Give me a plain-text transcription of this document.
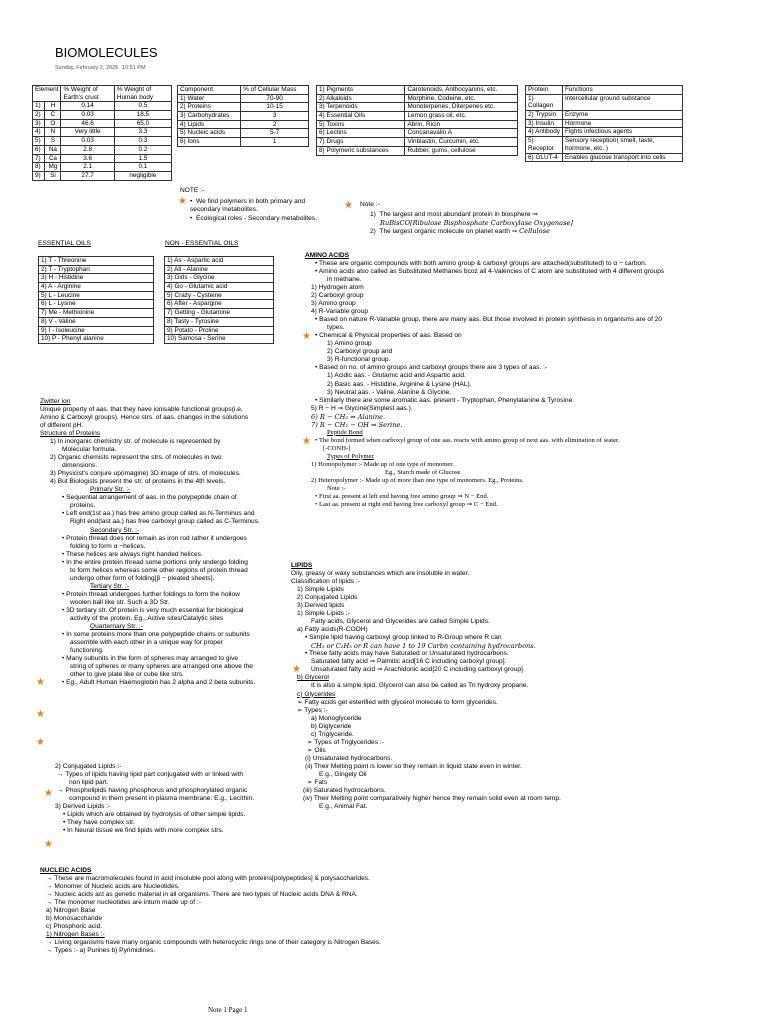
BIOMOLECULES
Sunday, February 2, 2025 10:51 PM
Element		% Weight of Earth's crust	% Weight of Human body
1)	H	0.14	0.5
2)	C	0.03	18.5
3)	O	46.6	65.0
4)	N	Very little	3.3
5)	S	0.03	0.3
6)	Na	2.8	0.2
7)	Ca	3.6	1.5
8)	Mg	2.1	0.1
9)	Si	27.7	negligible
Component	% of Cellular Mass
1) Water	70-90
2) Proteins	10-15
3) Carbohydrates	3
4) Lipids	2
5) Nucleic acids	5-7
6) Ions	1
NOTE :-
★ •  We find polymers in both primary and secondary metabolites.
•  Ecological roles - Secondary metabolites.
1) Pigments	Carotenoids, Anthocyanins, etc.
2) Alkaloids	Morphine, Codeine, etc.
3) Terpenoids	Monoterpenes, Diterpenes etc.
4) Essential Oils	Lemon grass oil, etc.
5) Toxins	Abrin, Ricin
6) Lectins	Concanavalin A
7) Drugs	Vinblastin, Curcumin, etc.
8) Polymeric substances	Rubber, gums, cellulose
★ Note :-
1)  The largest and most abundant protein in biosphere ⇒
RuBisCO[Ribulose Bisphosphate Carboxylase Oxygenase]
2)  The largest organic molecule on planet earth ⇒ Cellulose
Protein	Functions
1) Collagen	Intercellular ground substance
2) Trypsin	Enzyme
3) Insulin	Hormone
4) Antibody	Fights infectious agents
5) Receptor	Sensory reception( smell, taste, hormone, etc. )
6) GLUT-4	Enables glucose transport into cells
ESSENTIAL OILS
1) T - Threonine
2) T - Tryptophan
3) H - Histidine
4) A - Arginine
5) L - Leucine
6) L - Lysine
7) Me - Methionine
8) V - Valine
9) I - Isoleucine
10) P - Phenyl alanine
NON - ESSENTIAL OILS
1) As - Aspartic acid
2) All - Alanine
3) Girls - Glycine
4) Go - Glutamic acid
5) Crazy - Cysteine
6) After - Aspargine
7) Getting - Glutamine
8) Tasty - Tyrosine
9) Potato - Proline
10) Samosa - Serine
Zwitter ion
Unique property of aas. that they have ionisable functional groups(i.e,
Amino & Carboxyl groups). Hence strs. of aas. changes in the solutions
of different pH.
Structure of Proteins
1) In inorganic chemistry str. of molecule is represented by
Molecular formula.
2) Organic chemists represent the strs. of molecules in two
dimensions.
3) Physicist's conjure up(imagine) 3D image of strs. of molecules.
4) But Biologists present the str. of proteins in the 4th levels.
Primary Str. :-
• Sequential arrangement of aas. in the polypeptide chain of
proteins.
• Left end(1st aa.) has free amino group called as N-Terminus and
Right end(last aa.) has free carboxyl group called as C-Terminus.
Secondary Str. :-
• Protein thread does not remain as iron rod rather it undergoes
folding to form α −helices.
• These helices are always right handed helices.
• In the entire protein thread some portions only undergo folding
to form helices whereas some other regions of protein thread
undergo other form of folding[β − pleated sheets].
Tertiary Str. :-
• Protein thread undergoes further foldings to form the hollow
woolen ball like str. Such a 3D Str.
• 3D tertiary str. Of protein is very much essential for biological
activity of the protein. Eg., Active sites/Catalytic sites
Quarternary Str. :-
• In some proteins more than one polypeptide chains or subunits
assemble with each other in a unique way for proper
functioning.
• Many subunits in the form of spheres may arranged to give
string of spheres or many spheres are arranged one above the
other to give plate like or cube like strs.
• Eg., Adult Human Haemoglobin has 2 alpha and 2 beta subunits.
★
★
★
2) Conjugated Lipids :-
→ Types of lipids having lipid part conjugated with or linked with
non lipid part.
→ Phospholipids having phosphorus and phosphorylated organic
compound in them present in plasma membrane. E.g., Lecithin.
3) Derived Lipids :-
• Lipids which are obtained by hydrolysis of other simple lipids.
• They have complex str.
• In Neural tissue we find lipids with more complex strs.
★
★
AMINO ACIDS
• These are organic compounds with both amino group & carboxyl groups are attached(substituted) to α − carbon.
• Amino acids also called as Substituted Methanes bcoz all 4-Valencies of C atom are substituted with 4 different groups
in methane.
1) Hydrogen atom
2) Carboxyl group
3) Amino group
4) R-Variable group
• Based on nature R-Variable group, there are many aas. But those involved in protein synthesis in organisms are of 20
types.
• Chemical & Physical properties of aas. Based on
1) Amino group
2) Carboxyl group and
3) R-functional group.
• Based on no. of amino groups and carboxyl groups there are 3 types of aas. :-
1) Acidic aas. - Glutamic acid and Aspartic acid.
2) Basic aas. - Histidine, Arginine & Lysine (HAL).
3) Neutral aas. - Valine, Alanine & Glycine.
• Similarly there are some aromatic aas. present - Tryptophan, Phenylalanine & Tyrosine.
5) R − H ⇒ Glycine(Simplest aas.).
6) R − CH₃ ⇒ Alanine.
7) R − CH₂ − OH ⇒ Serine.
Peptide Bond
• The bond formed when carboxyl group of one aas. reacts with amino group of next aas. with elimination of water.
[-CONH-]
Types of Polymer
1) Homopolymer :- Made up of one type of monomer.
Eg., Starch made of Glucose
2) Heteropolymer :- Made up of more than one type of monomers. Eg., Proteins.
Note :-
• First aa. present at left end having free amino group ⇒ N − End.
• Last aa. present at right end having free carboxyl group ⇒ C − End.
★
★
LIPIDS
Oily, greasy or waxy substances which are insoluble in water.
Classification of lipids :-
1) Simple Lipids
2) Conjugated Lipids
3) Derived lipids
1) Simple Lipids :-
Fatty acids, Glycerol and Glycerides are called Simple Lipids.
a) Fatty acids(R-COOH)
• Simple lipid having carboxyl group linked to R-Group where R can
CH₃ or C₂H₅ or R can have 1 to 19 Carbn containing hydrocarbons.
• These fatty acids may have Saturated or Unsaturated hydrocarbons.
Saturated fatty acid ⇒ Palmitic acid[16 C including carboxyl group].
Unsaturated fatty acid ⇒ Arachidonic acid[20 C including carboxyl group].
b) Glycerol
It is also a simple lipid. Glycerol can also be called as Tri hydroxy propane.
c) Glycerides
➢ Fatty acids get esterified with glycerol molecule to form glycerides.
➢ Types :-
a) Monoglyceride
b) Diglyceride
c) Triglyceride.
➢ Types of Triglycerides :-
➢ Oils
(i) Unsaturated hydrocarbons.
(ii) Their Melting point is lower so they remain in liquid state even in winter.
E.g., Gingely Oil
➢ Fats
(iii) Saturated hydrocarbons.
(iv) Their Melting point comparatively higher hence they remain solid even at room temp.
E.g., Animal Fat.
★
NUCLEIC ACIDS
→ These are macromolecules found in acid insoluble pool along with proteins[polypeptides] & polysaccharides.
→ Monomer of Nucleic acids are Nucleotides.
→ Nucleic acids act as genetic material in all organisms. There are two types of Nucleic acids DNA & RNA.
→ The monomer nucleotides are inturn made up of :-
a) Nitrogen Base
b) Monosaccharide
c) Phosphoric acid.
1) Nitrogen Bases :-
→ Living organisms have many organic compounds with heterocyclic rings one of their category is Nitrogen Bases.
→ Types :- a) Purines b) Pyrimidines.
Note 1 Page 1
